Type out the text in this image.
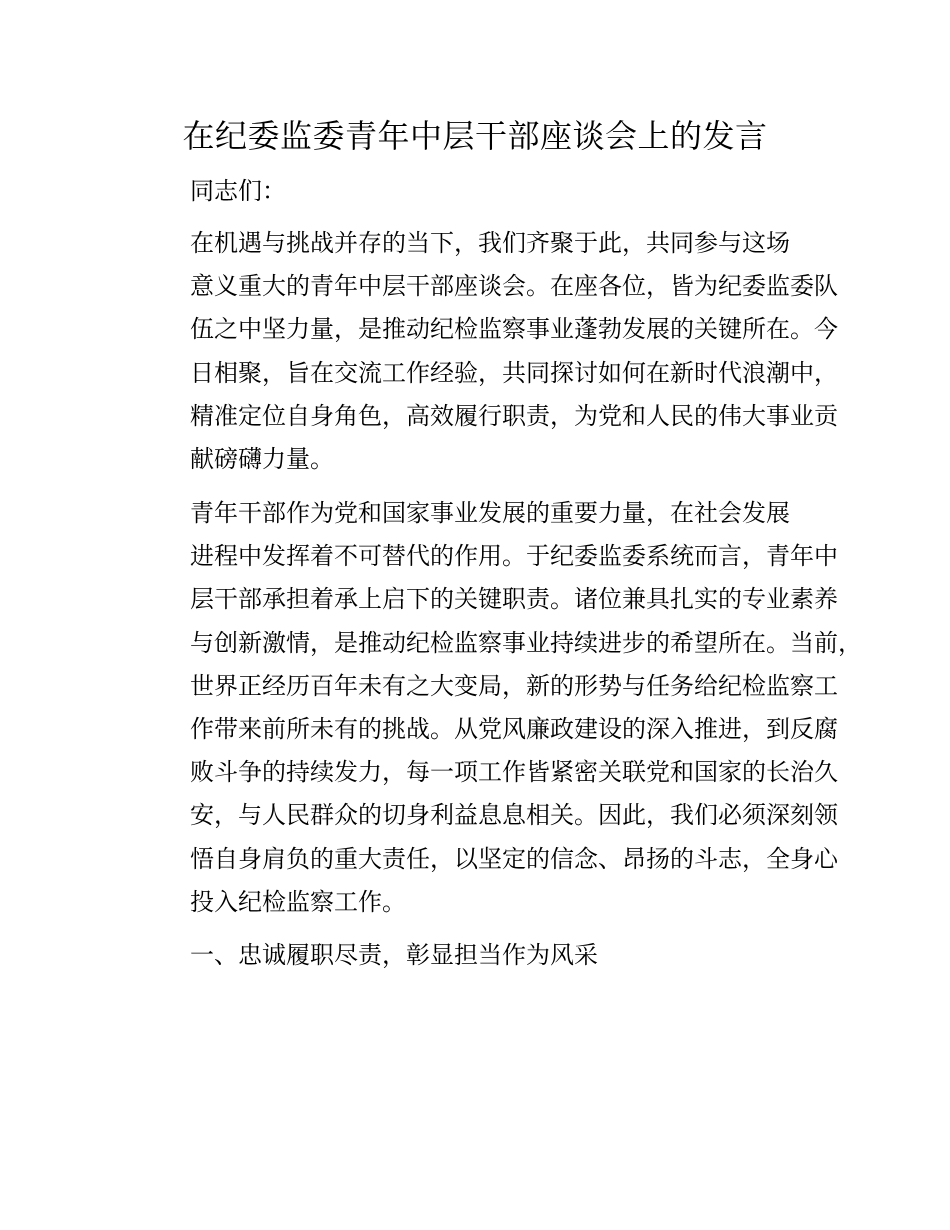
在纪委监委青年中层干部座谈会上的发言

同志们：

在机遇与挑战并存的当下，我们齐聚于此，共同参与这场
意义重大的青年中层干部座谈会。在座各位，皆为纪委监委队
伍之中坚力量，是推动纪检监察事业蓬勃发展的关键所在。今
日相聚，旨在交流工作经验，共同探讨如何在新时代浪潮中，
精准定位自身角色，高效履行职责，为党和人民的伟大事业贡
献磅礴力量。

青年干部作为党和国家事业发展的重要力量，在社会发展
进程中发挥着不可替代的作用。于纪委监委系统而言，青年中
层干部承担着承上启下的关键职责。诸位兼具扎实的专业素养
与创新激情，是推动纪检监察事业持续进步的希望所在。当前，
世界正经历百年未有之大变局，新的形势与任务给纪检监察工
作带来前所未有的挑战。从党风廉政建设的深入推进，到反腐
败斗争的持续发力，每一项工作皆紧密关联党和国家的长治久
安，与人民群众的切身利益息息相关。因此，我们必须深刻领
悟自身肩负的重大责任，以坚定的信念、昂扬的斗志，全身心
投入纪检监察工作。

一、忠诚履职尽责，彰显担当作为风采
